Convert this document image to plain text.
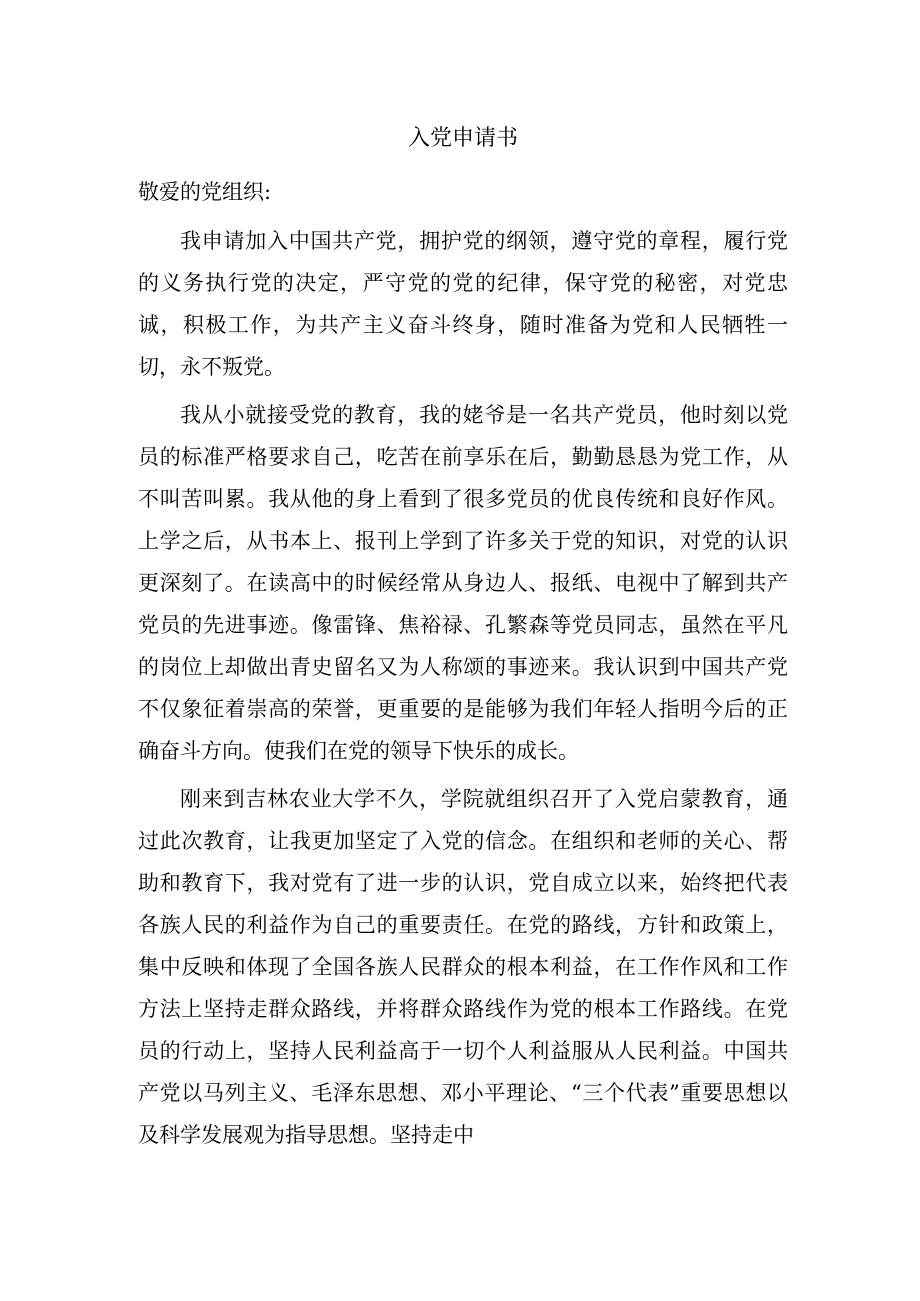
入党申请书

敬爱的党组织:

我申请加入中国共产党，拥护党的纲领，遵守党的章程，履行党的义务执行党的决定，严守党的党的纪律，保守党的秘密，对党忠诚，积极工作，为共产主义奋斗终身，随时准备为党和人民牺牲一切，永不叛党。

我从小就接受党的教育，我的姥爷是一名共产党员，他时刻以党员的标准严格要求自己，吃苦在前享乐在后，勤勤恳恳为党工作，从不叫苦叫累。我从他的身上看到了很多党员的优良传统和良好作风。上学之后，从书本上、报刊上学到了许多关于党的知识，对党的认识更深刻了。在读高中的时候经常从身边人、报纸、电视中了解到共产党员的先进事迹。像雷锋、焦裕禄、孔繁森等党员同志，虽然在平凡的岗位上却做出青史留名又为人称颂的事迹来。我认识到中国共产党不仅象征着崇高的荣誉，更重要的是能够为我们年轻人指明今后的正确奋斗方向。使我们在党的领导下快乐的成长。

刚来到吉林农业大学不久，学院就组织召开了入党启蒙教育，通过此次教育，让我更加坚定了入党的信念。在组织和老师的关心、帮助和教育下，我对党有了进一步的认识，党自成立以来，始终把代表各族人民的利益作为自己的重要责任。在党的路线，方针和政策上，集中反映和体现了全国各族人民群众的根本利益，在工作作风和工作方法上坚持走群众路线，并将群众路线作为党的根本工作路线。在党员的行动上，坚持人民利益高于一切个人利益服从人民利益。中国共产党以马列主义、毛泽东思想、邓小平理论、“三个代表”重要思想以及科学发展观为指导思想。坚持走中
